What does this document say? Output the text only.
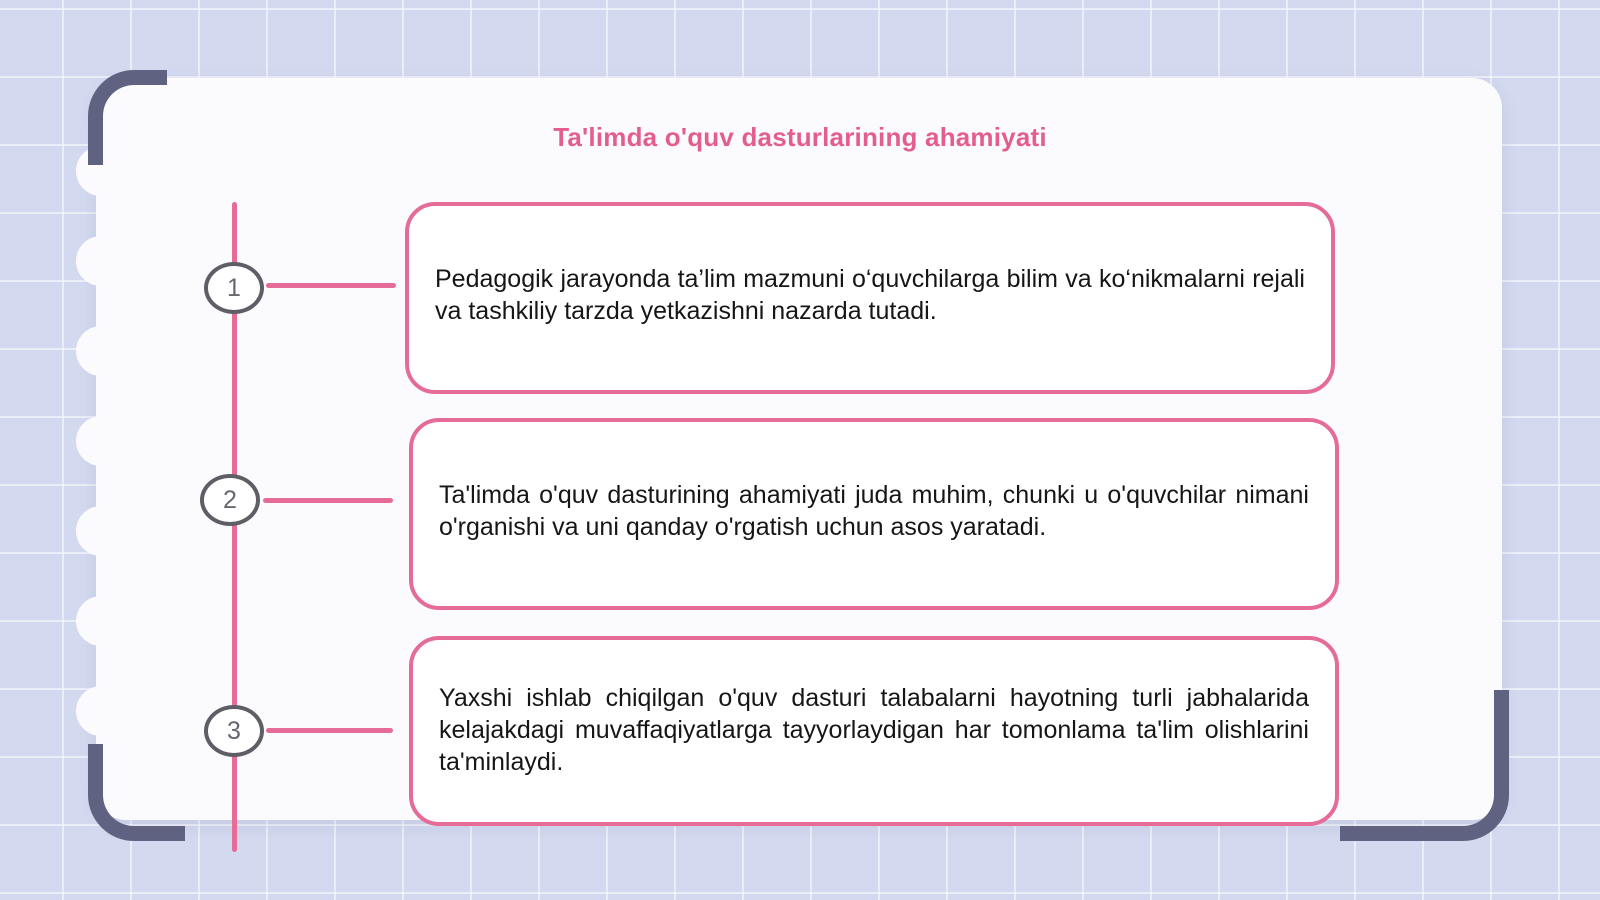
Ta'limda o'quv dasturlarining ahamiyati
1	Pedagogik jarayonda ta’lim mazmuni o‘quvchilarga bilim va ko‘nikmalarni rejali va tashkiliy tarzda yetkazishni nazarda tutadi.
2	Ta'limda o'quv dasturining ahamiyati juda muhim, chunki u o'quvchilar nimani o'rganishi va uni qanday o'rgatish uchun asos yaratadi.
3
Yaxshi ishlab chiqilgan o'quv dasturi talabalarni hayotning turli jabhalarida kelajakdagi muvaffaqiyatlarga tayyorlaydigan har tomonlama ta'lim olishlarini ta'minlaydi.
